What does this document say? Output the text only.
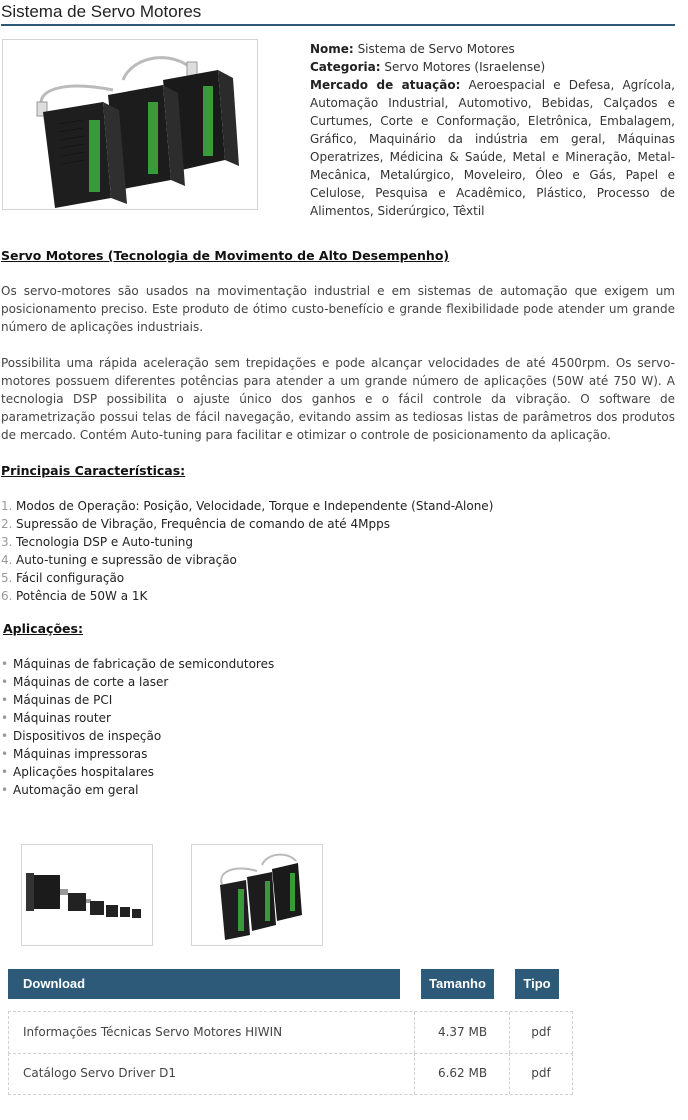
Sistema de Servo Motores
Nome: Sistema de Servo Motores
Categoria: Servo Motores (Israelense)
Mercado de atuação: Aeroespacial e Defesa, Agrícola, Automação Industrial, Automotivo, Bebidas, Calçados e Curtumes, Corte e Conformação, Eletrônica, Embalagem, Gráfico, Maquinário da indústria em geral, Máquinas Operatrizes, Médicina & Saúde, Metal e Mineração, Metal-Mecânica, Metalúrgico, Moveleiro, Óleo e Gás, Papel e Celulose, Pesquisa e Acadêmico, Plástico, Processo de Alimentos, Siderúrgico, Têxtil
Servo Motores (Tecnologia de Movimento de Alto Desempenho)
Os servo-motores são usados na movimentação industrial e em sistemas de automação que exigem um posicionamento preciso. Este produto de ótimo custo-benefício e grande flexibilidade pode atender um grande número de aplicações industriais.
Possibilita uma rápida aceleração sem trepidações e pode alcançar velocidades de até 4500rpm. Os servo-motores possuem diferentes potências para atender a um grande número de aplicações (50W até 750 W). A tecnologia DSP possibilita o ajuste único dos ganhos e o fácil controle da vibração. O software de parametrização possui telas de fácil navegação, evitando assim as tediosas listas de parâmetros dos produtos de mercado. Contém Auto-tuning para facilitar e otimizar o controle de posicionamento da aplicação.
Principais Características:
1. Modos de Operação: Posição, Velocidade, Torque e Independente (Stand-Alone)
2. Supressão de Vibração, Frequência de comando de até 4Mpps
3. Tecnologia DSP e Auto-tuning
4. Auto-tuning e supressão de vibração
5. Fácil configuração
6. Potência de 50W a 1K
Aplicações:
• Máquinas de fabricação de semicondutores
• Máquinas de corte a laser
• Máquinas de PCI
• Máquinas router
• Dispositivos de inspeção
• Máquinas impressoras
• Aplicações hospitalares
• Automação em geral
Download	Tamanho	Tipo
Informações Técnicas Servo Motores HIWIN	4.37 MB	pdf
Catálogo Servo Driver D1	6.62 MB	pdf
